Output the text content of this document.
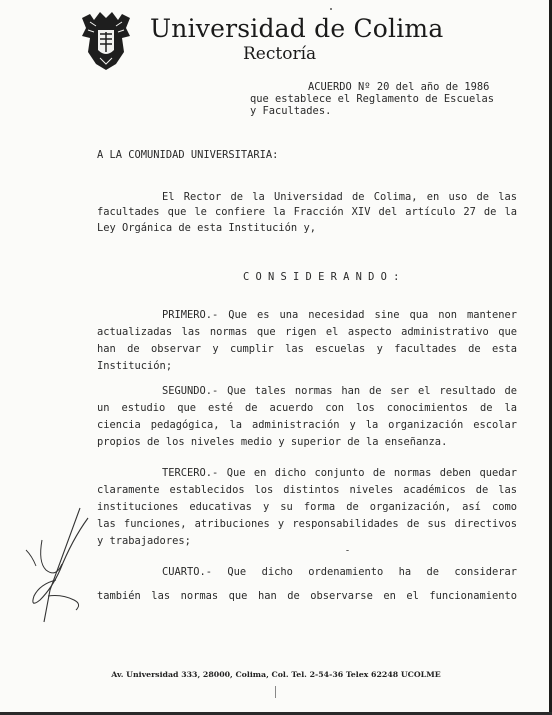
Universidad de Colima
Rectoría
ACUERDO Nº 20 del año de 1986
que establece el Reglamento de Escuelas
y Facultades.
A LA COMUNIDAD UNIVERSITARIA:
El Rector de la Universidad de Colima, en uso de las
facultades que le confiere la Fracción XIV del artículo 27 de la
Ley Orgánica de esta Institución y,
C O N S I D E R A N D O :
PRIMERO.- Que es una necesidad sine qua non mantener
actualizadas las normas que rigen el aspecto administrativo que
han de observar y cumplir las escuelas y facultades de esta
Institución;
SEGUNDO.- Que tales normas han de ser el resultado de
un estudio que esté de acuerdo con los conocimientos de la
ciencia pedagógica, la administración y la organización escolar
propios de los niveles medio y superior de la enseñanza.
TERCERO.- Que en dicho conjunto de normas deben quedar
claramente establecidos los distintos niveles académicos de las
instituciones educativas y su forma de organización, así como
las funciones, atribuciones y responsabilidades de sus directivos
y trabajadores;
CUARTO.- Que dicho ordenamiento ha de considerar
también las normas que han de observarse en el funcionamiento
Av. Universidad 333, 28000, Colima, Col. Tel. 2-54-36 Telex 62248 UCOLME
